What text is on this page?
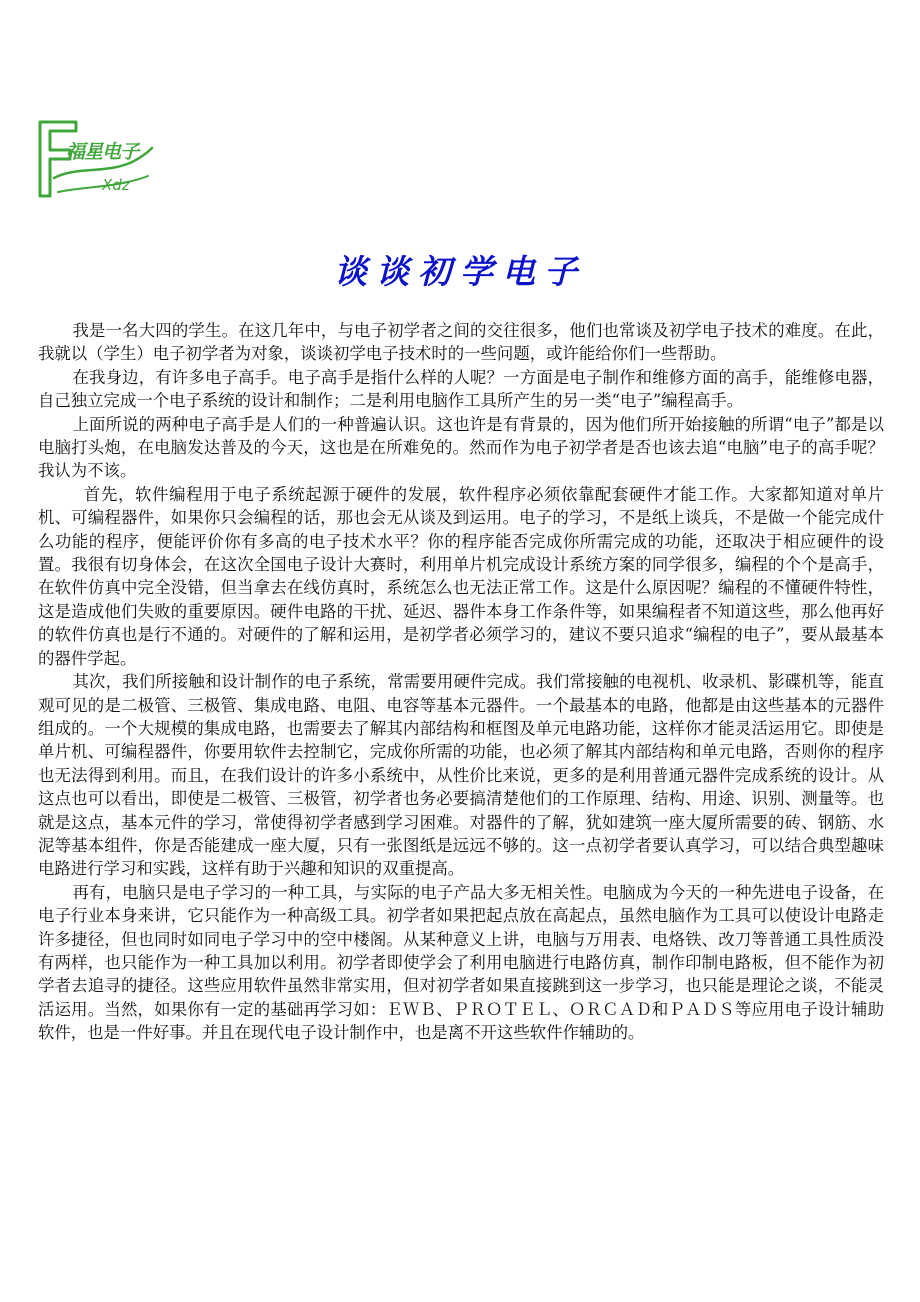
福星电子
Xdz
谈谈初学电子

我是一名大四的学生。在这几年中，与电子初学者之间的交往很多，他们也常谈及初学电子技术的难度。在此，我就以（学生）电子初学者为对象，谈谈初学电子技术时的一些问题，或许能给你们一些帮助。

在我身边，有许多电子高手。电子高手是指什么样的人呢？一方面是电子制作和维修方面的高手，能维修电器，自己独立完成一个电子系统的设计和制作；二是利用电脑作工具所产生的另一类“电子”编程高手。

上面所说的两种电子高手是人们的一种普遍认识。这也许是有背景的，因为他们所开始接触的所谓“电子”都是以电脑打头炮，在电脑发达普及的今天，这也是在所难免的。然而作为电子初学者是否也该去追“电脑”电子的高手呢？我认为不该。

首先，软件编程用于电子系统起源于硬件的发展，软件程序必须依靠配套硬件才能工作。大家都知道对单片机、可编程器件，如果你只会编程的话，那也会无从谈及到运用。电子的学习，不是纸上谈兵，不是做一个能完成什么功能的程序，便能评价你有多高的电子技术水平？你的程序能否完成你所需完成的功能，还取决于相应硬件的设置。我很有切身体会，在这次全国电子设计大赛时，利用单片机完成设计系统方案的同学很多，编程的个个是高手，在软件仿真中完全没错，但当拿去在线仿真时，系统怎么也无法正常工作。这是什么原因呢？编程的不懂硬件特性，这是造成他们失败的重要原因。硬件电路的干扰、延迟、器件本身工作条件等，如果编程者不知道这些，那么他再好的软件仿真也是行不通的。对硬件的了解和运用，是初学者必须学习的，建议不要只追求“编程的电子”，要从最基本的器件学起。

其次，我们所接触和设计制作的电子系统，常需要用硬件完成。我们常接触的电视机、收录机、影碟机等，能直观可见的是二极管、三极管、集成电路、电阻、电容等基本元器件。一个最基本的电路，他都是由这些基本的元器件组成的。一个大规模的集成电路，也需要去了解其内部结构和框图及单元电路功能，这样你才能灵活运用它。即使是单片机、可编程器件，你要用软件去控制它，完成你所需的功能，也必须了解其内部结构和单元电路，否则你的程序也无法得到利用。而且，在我们设计的许多小系统中，从性价比来说，更多的是利用普通元器件完成系统的设计。从这点也可以看出，即使是二极管、三极管，初学者也务必要搞清楚他们的工作原理、结构、用途、识别、测量等。也就是这点，基本元件的学习，常使得初学者感到学习困难。对器件的了解，犹如建筑一座大厦所需要的砖、钢筋、水泥等基本组件，你是否能建成一座大厦，只有一张图纸是远远不够的。这一点初学者要认真学习，可以结合典型趣味电路进行学习和实践，这样有助于兴趣和知识的双重提高。

再有，电脑只是电子学习的一种工具，与实际的电子产品大多无相关性。电脑成为今天的一种先进电子设备，在电子行业本身来讲，它只能作为一种高级工具。初学者如果把起点放在高起点，虽然电脑作为工具可以使设计电路走许多捷径，但也同时如同电子学习中的空中楼阁。从某种意义上讲，电脑与万用表、电烙铁、改刀等普通工具性质没有两样，也只能作为一种工具加以利用。初学者即使学会了利用电脑进行电路仿真，制作印制电路板，但不能作为初学者去追寻的捷径。这些应用软件虽然非常实用，但对初学者如果直接跳到这一步学习，也只能是理论之谈，不能灵活运用。当然，如果你有一定的基础再学习如：ＥＷＢ、ＰＲＯＴＥＬ、ＯＲＣＡＤ和ＰＡＤＳ等应用电子设计辅助软件，也是一件好事。并且在现代电子设计制作中，也是离不开这些软件作辅助的。
